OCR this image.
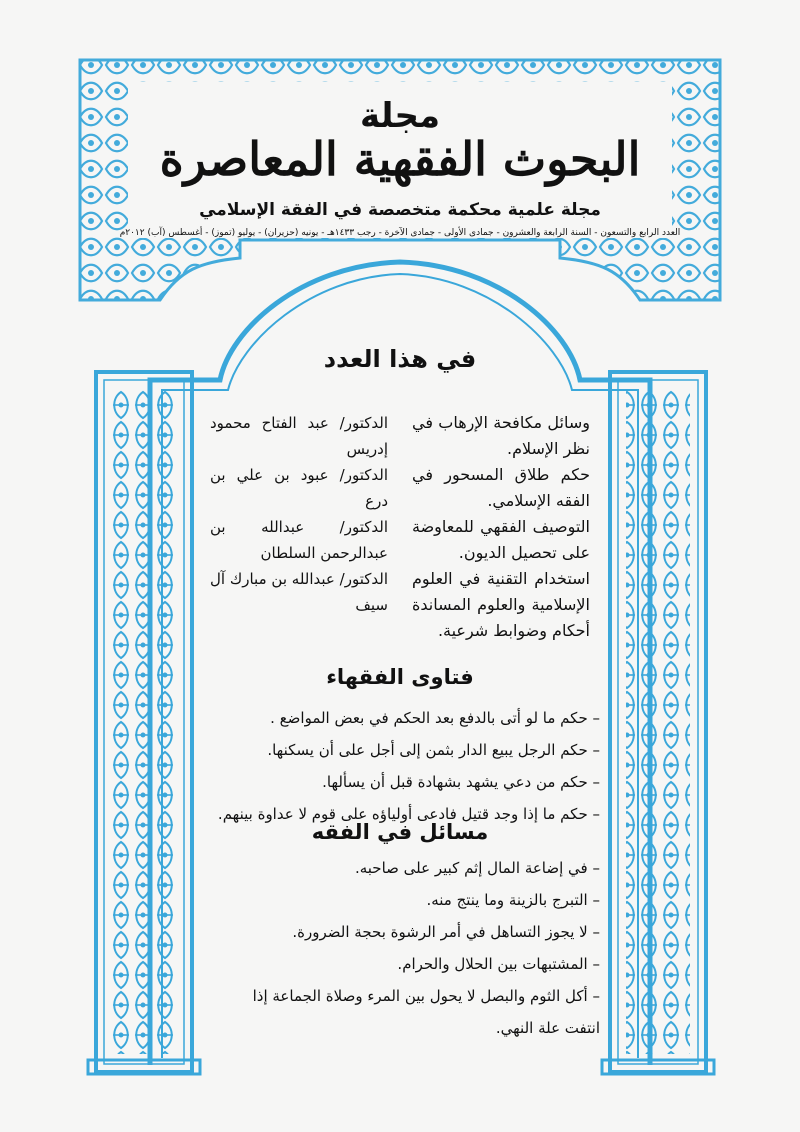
مجلة
البحوث الفقهية المعاصرة
مجلة علمية محكمة متخصصة في الفقة الإسلامي
العدد الرابع والتسعون - السنة الرابعة والعشرون - جمادى الأولى - جمادى الآخرة - رجب ١٤٣٣هـ - يونيه (حزيران) - يوليو (تموز) - أغسطس (آب) ٢٠١٢م
في هذا العدد
وسائل مكافحة الإرهاب في نظر الإسلام.
الدكتور/ عبد الفتاح محمود إدريس
حكم طلاق المسحور في الفقه الإسلامي.
الدكتور/ عبود بن علي بن درع
التوصيف الفقهي للمعاوضة على تحصيل الديون.
الدكتور/ عبدالله بن عبدالرحمن السلطان
استخدام التقنية في العلوم الإسلامية والعلوم المساندة أحكام وضوابط شرعية.
الدكتور/ عبدالله بن مبارك آل سيف
فتاوى الفقهاء
– حكم ما لو أتى بالدفع بعد الحكم في بعض المواضع .
– حكم الرجل يبيع الدار بثمن إلى أجل على أن يسكنها.
– حكم من دعي يشهد بشهادة قبل أن يسألها.
– حكم ما إذا وجد قتيل فادعى أولياؤه على قوم لا عداوة بينهم.
مسائل في الفقه
– في إضاعة المال إثم كبير على صاحبه.
– التبرج بالزينة وما ينتج منه.
– لا يجوز التساهل في أمر الرشوة بحجة الضرورة.
– المشتبهات بين الحلال والحرام.
– أكل الثوم والبصل لا يحول بين المرء وصلاة الجماعة إذا انتفت علة النهي.
